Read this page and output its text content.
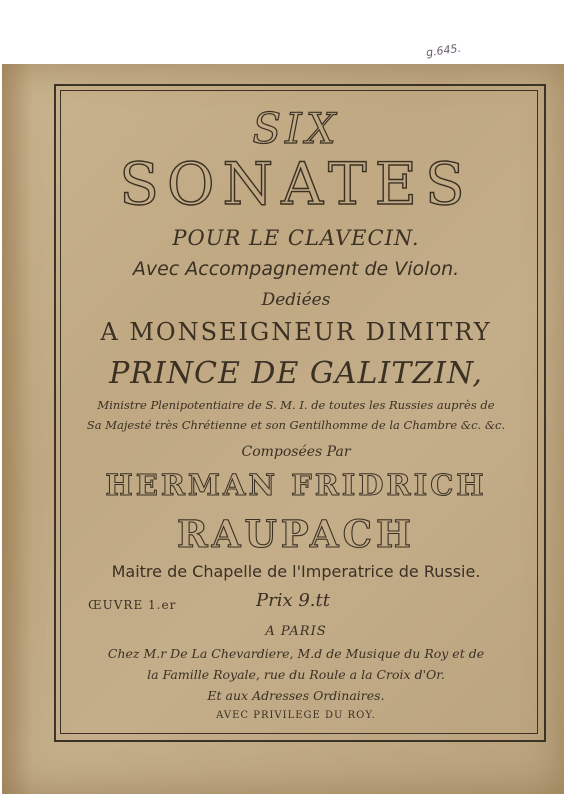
g.645.
SIX
SONATES
POUR LE CLAVECIN.
Avec Accompagnement de Violon.
Dediées
A MONSEIGNEUR DIMITRY
PRINCE DE GALITZIN,
Ministre Plenipotentiaire de S. M. I. de toutes les Russies auprès de
Sa Majesté très Chrétienne et son Gentilhomme de la Chambre &c. &c.
Composées Par
HERMAN FRIDRICH
RAUPACH
Maitre de Chapelle de l'Imperatrice de Russie.
ŒUVRE 1.er	Prix 9.tt
A PARIS
Chez M.r De La Chevardiere, M.d de Musique du Roy et de
la Famille Royale, rue du Roule a la Croix d'Or.
Et aux Adresses Ordinaires.
AVEC PRIVILEGE DU ROY.
